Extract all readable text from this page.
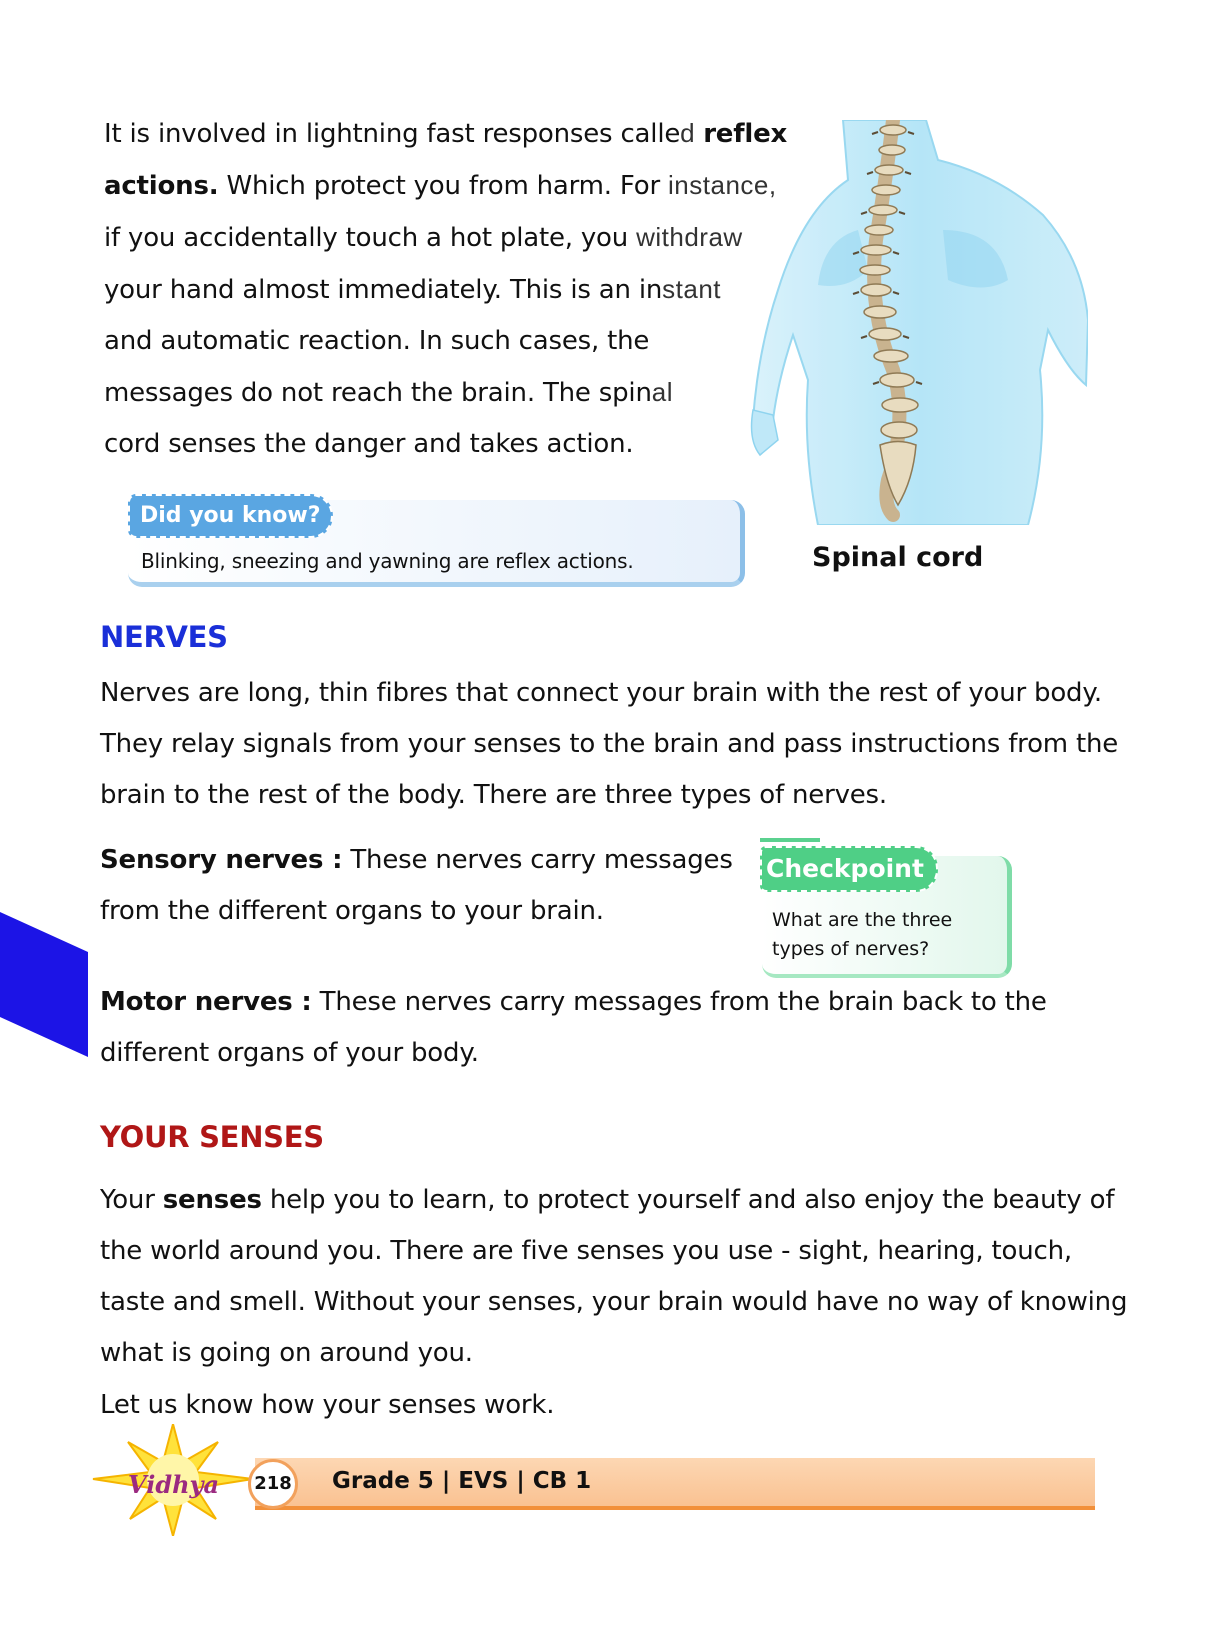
It is involved in lightning fast responses called reflex
actions. Which protect you from harm. For instance,
if you accidentally touch a hot plate, you withdraw
your hand almost immediately. This is an instant
and automatic reaction. In such cases, the
messages do not reach the brain. The spinal
cord senses the danger and takes action.
Spinal cord
Did you know?
Blinking, sneezing and yawning are reflex actions.
NERVES
Nerves are long, thin fibres that connect your brain with the rest of your body. They relay signals from your senses to the brain and pass instructions from the brain to the rest of the body. There are three types of nerves.
Sensory nerves : These nerves carry messages from the different organs to your brain.
Checkpoint
What are the three types of nerves?
Motor nerves : These nerves carry messages from the brain back to the different organs of your body.
YOUR SENSES
Your senses help you to learn, to protect yourself and also enjoy the beauty of the world around you. There are five senses you use - sight, hearing, touch, taste and smell. Without your senses, your brain would have no way of knowing what is going on around you.
Let us know how your senses work.
Grade 5 | EVS | CB 1
Vidhya	218
